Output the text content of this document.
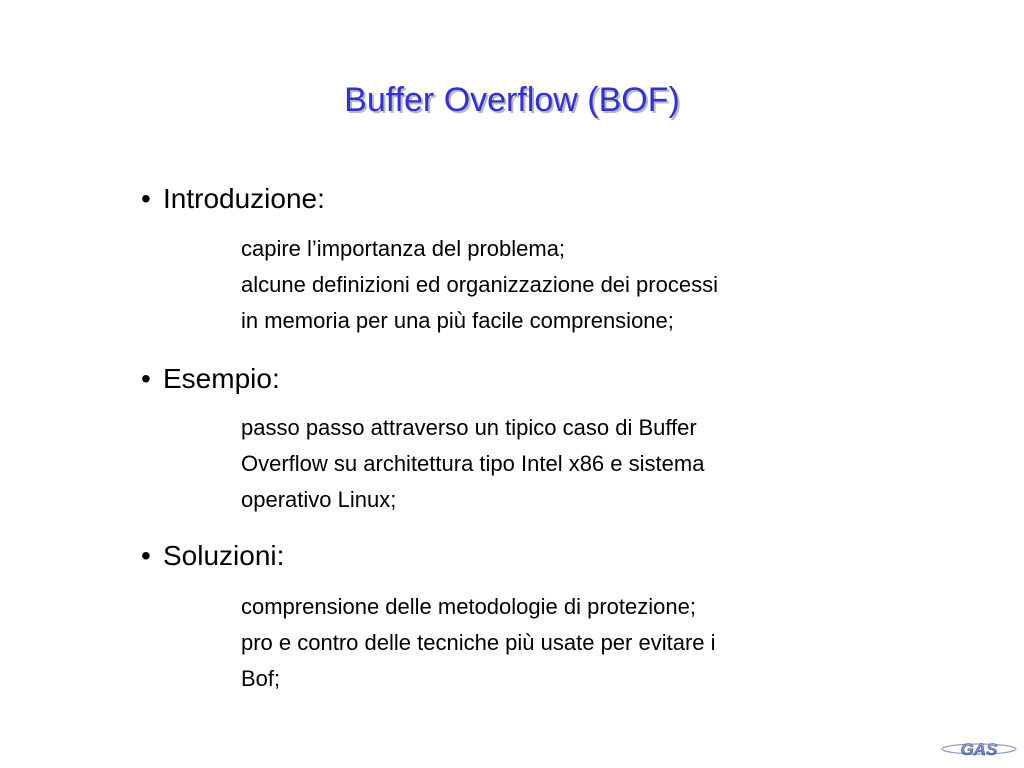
Buffer Overflow (BOF)
• Introduzione:
capire l’importanza del problema;
alcune definizioni ed organizzazione dei processi
in memoria per una più facile comprensione;
• Esempio:
passo passo attraverso un tipico caso di Buffer
Overflow su architettura tipo Intel x86 e sistema
operativo Linux;
• Soluzioni:
comprensione delle metodologie di protezione;
pro e contro delle tecniche più usate per evitare i
Bof;
GAS
